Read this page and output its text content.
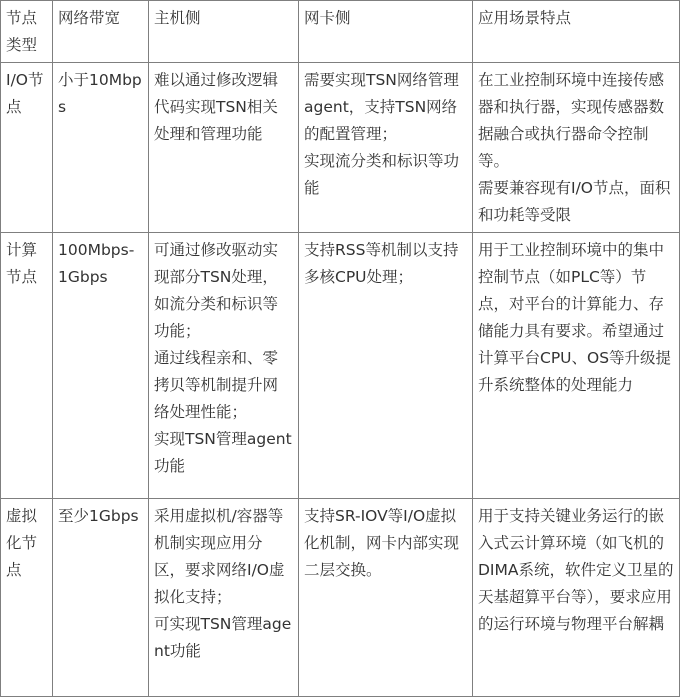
节点类型	网络带宽	主机侧	网卡侧	应用场景特点
I/O节点	小于10Mbps	难以通过修改逻辑代码实现TSN相关处理和管理功能	需要实现TSN网络管理agent，支持TSN网络的配置管理；
实现流分类和标识等功能	在工业控制环境中连接传感器和执行器，实现传感器数据融合或执行器命令控制等。
需要兼容现有I/O节点，面积和功耗等受限

计算节点	100Mbps-1Gbps	可通过修改驱动实现部分TSN处理，如流分类和标识等功能；
通过线程亲和、零拷贝等机制提升网络处理性能；
实现TSN管理agent功能	支持RSS等机制以支持多核CPU处理；	用于工业控制环境中的集中控制节点（如PLC等）节点，对平台的计算能力、存储能力具有要求。希望通过计算平台CPU、OS等升级提升系统整体的处理能力

虚拟化节点	至少1Gbps	采用虚拟机/容器等机制实现应用分区，要求网络I/O虚拟化支持；
可实现TSN管理agent功能	支持SR-IOV等I/O虚拟化机制，网卡内部实现二层交换。	用于支持关键业务运行的嵌入式云计算环境（如飞机的DIMA系统，软件定义卫星的天基超算平台等），要求应用的运行环境与物理平台解耦
